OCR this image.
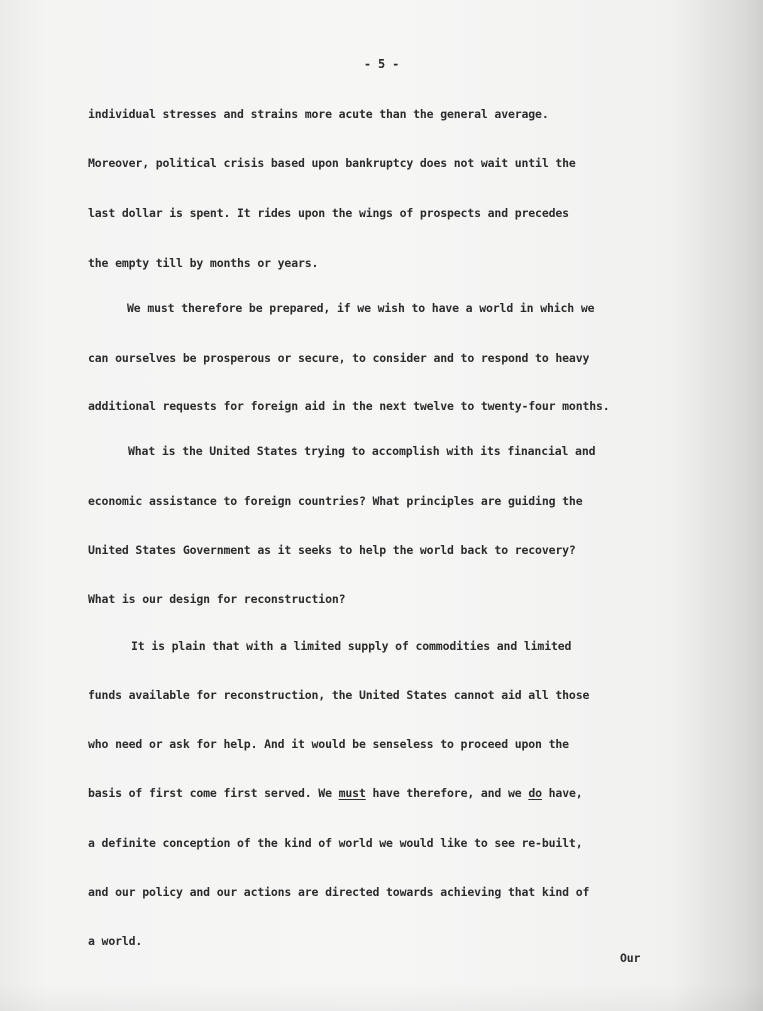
- 5 -
individual stresses and strains more acute than the general average.
Moreover, political crisis based upon bankruptcy does not wait until the
last dollar is spent. It rides upon the wings of prospects and precedes
the empty till by months or years.
We must therefore be prepared, if we wish to have a world in which we
can ourselves be prosperous or secure, to consider and to respond to heavy
additional requests for foreign aid in the next twelve to twenty-four months.
What is the United States trying to accomplish with its financial and
economic assistance to foreign countries? What principles are guiding the
United States Government as it seeks to help the world back to recovery?
What is our design for reconstruction?
It is plain that with a limited supply of commodities and limited
funds available for reconstruction, the United States cannot aid all those
who need or ask for help. And it would be senseless to proceed upon the
basis of first come first served. We must have therefore, and we do have,
a definite conception of the kind of world we would like to see re-built,
and our policy and our actions are directed towards achieving that kind of
a world.
Our
